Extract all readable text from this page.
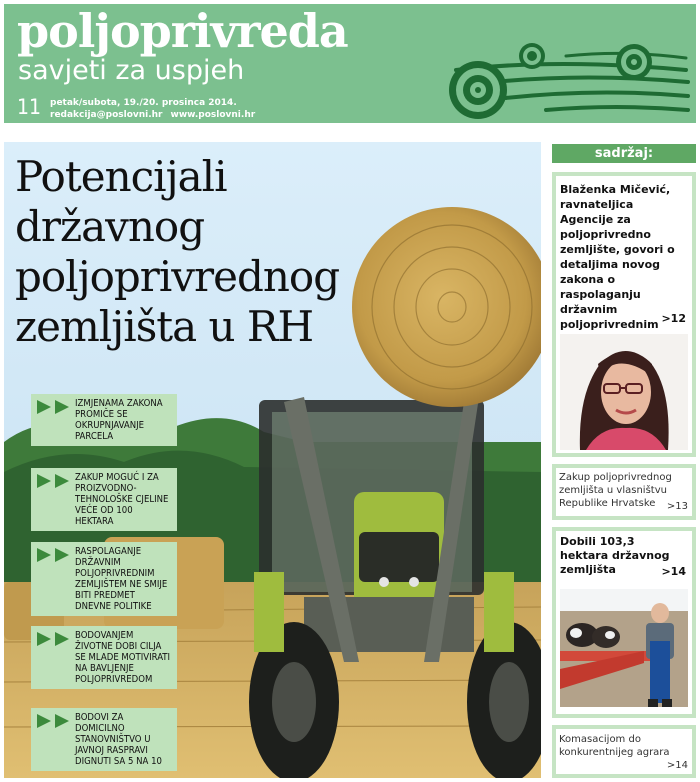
poljoprivreda
savjeti za uspjeh
11 petak/subota, 19./20. prosinca 2014.
redakcija@poslovni.hr www.poslovni.hr
Potencijali državnog poljoprivrednog zemljišta u RH
IZMJENAMA ZAKONA PROMIČE SE OKRUPNJAVANJE PARCELA
ZAKUP MOGUĆ I ZA PROIZVODNO-TEHNOLOŠKE CJELINE VEĆE OD 100 HEKTARA
RASPOLAGANJE DRŽAVNIM POLJOPRIVREDNIM ZEMLJIŠTEM NE SMIJE BITI PREDMET DNEVNE POLITIKE
BODOVANJEM ŽIVOTNE DOBI CILJA SE MLADE MOTIVIRATI NA BAVLJENJE POLJOPRIVREDOM
BODOVI ZA DOMICILNO STANOVNIŠTVO U JAVNOJ RASPRAVI DIGNUTI SA 5 NA 10
sadržaj:
Blaženka Mičević, ravnateljica Agencije za poljoprivredno zemljište, govori o detaljima novog zakona o raspolaganju državnim poljoprivrednim >12
Zakup poljoprivrednog zemljišta u vlasništvu Republike Hrvatske	>13
Dobili 103,3 hektara državnog zemljišta	>14
Komasacijom do konkurentnijeg agrara
>14
